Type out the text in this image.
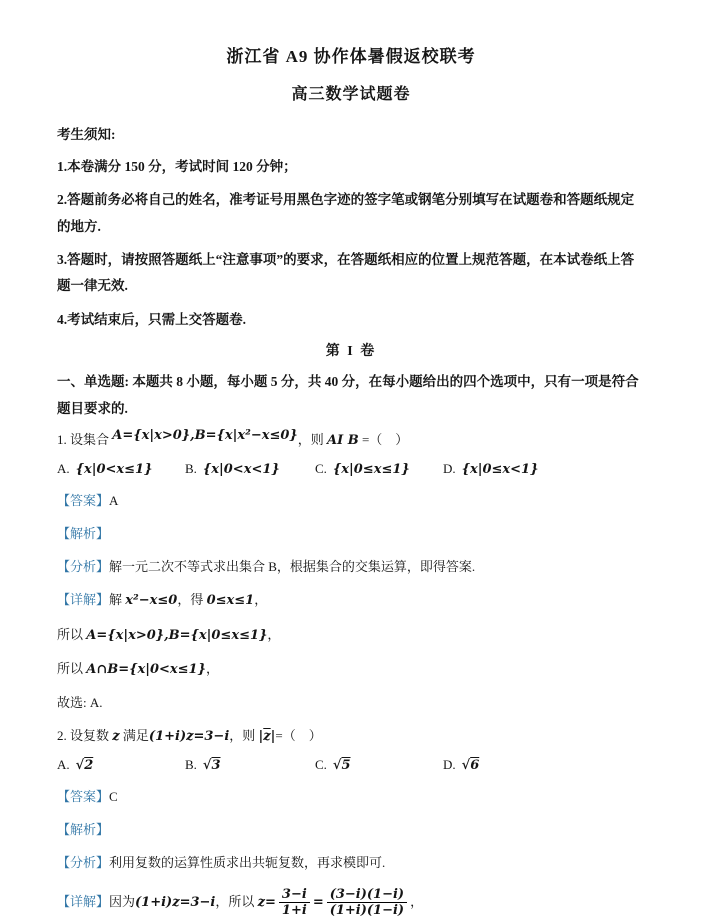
浙江省 A9 协作体暑假返校联考

高三数学试题卷

考生须知:

1.本卷满分 150 分，考试时间 120 分钟；

2.答题前务必将自己的姓名，准考证号用黑色字迹的签字笔或钢笔分别填写在试题卷和答题纸规定的地方.

3.答题时，请按照答题纸上“注意事项”的要求，在答题纸相应的位置上规范答题，在本试卷纸上答题一律无效.

4.考试结束后，只需上交答题卷.

第 I 卷

一、单选题: 本题共 8 小题，每小题 5 分，共 40 分，在每小题给出的四个选项中，只有一项是符合题目要求的.

1. 设集合 A={x|x>0},B={x|x²−x≤0}，则 AI B =（　）

A. {x|0<x≤1}	B. {x|0<x<1}	C. {x|0≤x≤1}	D. {x|0≤x<1}

【答案】A

【解析】

【分析】解一元二次不等式求出集合 B，根据集合的交集运算，即得答案.

【详解】解 x²−x≤0，得 0≤x≤1，

所以 A={x|x>0},B={x|0≤x≤1}，

所以 A∩B={x|0<x≤1}，

故选: A.

2. 设复数 z 满足(1+i)z=3−i，则 $|\overline{z}|=$（　）

A. √2	B. √3	C. √5	D. √6

【答案】C

【解析】

【分析】利用复数的运算性质求出共轭复数，再求模即可.

【详解】因为(1+i)z=3−i，所以 $z= \frac{3-i}{1+i} = \frac{(3-i)(1-i)}{(1+i)(1-i)}$ ，
